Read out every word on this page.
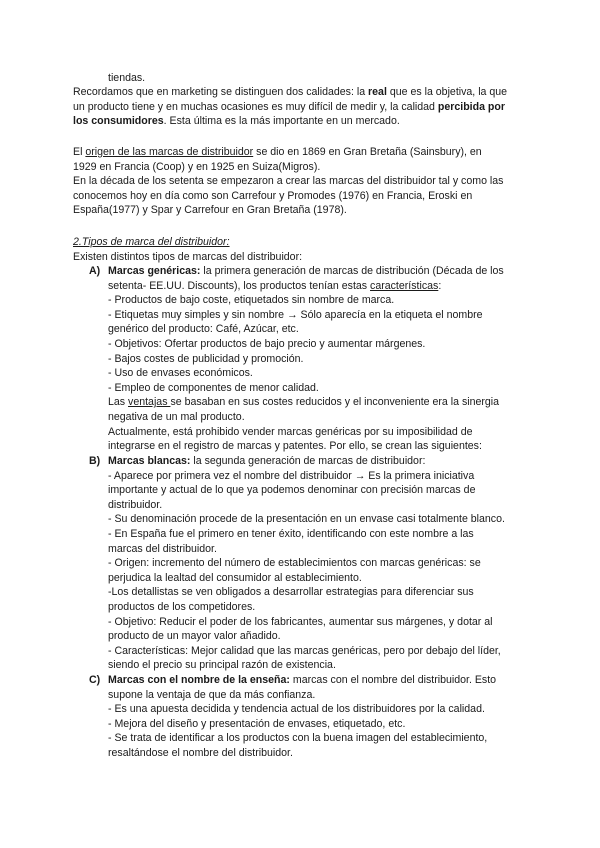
tiendas.

Recordamos que en marketing se distinguen dos calidades: la real que es la objetiva, la que
un producto tiene y en muchas ocasiones es muy difícil de medir y, la calidad percibida por
los consumidores. Esta última es la más importante en un mercado.

El origen de las marcas de distribuidor se dio en 1869 en Gran Bretaña (Sainsbury), en
1929 en Francia (Coop) y en 1925 en Suiza(Migros).
En la década de los setenta se empezaron a crear las marcas del distribuidor tal y como las
conocemos hoy en día como son Carrefour y Promodes (1976) en Francia, Eroski en
España(1977) y Spar y Carrefour en Gran Bretaña (1978).

2.Tipos de marca del distribuidor:

Existen distintos tipos de marcas del distribuidor:

A) Marcas genéricas: la primera generación de marcas de distribución (Década de los
setenta- EE.UU. Discounts), los productos tenían estas características:
- Productos de bajo coste, etiquetados sin nombre de marca.
- Etiquetas muy simples y sin nombre → Sólo aparecía en la etiqueta el nombre
genérico del producto: Café, Azúcar, etc.
- Objetivos: Ofertar productos de bajo precio y aumentar márgenes.
- Bajos costes de publicidad y promoción.
- Uso de envases económicos.
- Empleo de componentes de menor calidad.
Las ventajas se basaban en sus costes reducidos y el inconveniente era la sinergia
negativa de un mal producto.
Actualmente, está prohibido vender marcas genéricas por su imposibilidad de
integrarse en el registro de marcas y patentes. Por ello, se crean las siguientes:

B) Marcas blancas: la segunda generación de marcas de distribuidor:
- Aparece por primera vez el nombre del distribuidor → Es la primera iniciativa
importante y actual de lo que ya podemos denominar con precisión marcas de
distribuidor.
- Su denominación procede de la presentación en un envase casi totalmente blanco.
- En España fue el primero en tener éxito, identificando con este nombre a las
marcas del distribuidor.
- Origen: incremento del número de establecimientos con marcas genéricas: se
perjudica la lealtad del consumidor al establecimiento.
-Los detallistas se ven obligados a desarrollar estrategias para diferenciar sus
productos de los competidores.
- Objetivo: Reducir el poder de los fabricantes, aumentar sus márgenes, y dotar al
producto de un mayor valor añadido.
- Características: Mejor calidad que las marcas genéricas, pero por debajo del líder,
siendo el precio su principal razón de existencia.

C) Marcas con el nombre de la enseña: marcas con el nombre del distribuidor. Esto
supone la ventaja de que da más confianza.
- Es una apuesta decidida y tendencia actual de los distribuidores por la calidad.
- Mejora del diseño y presentación de envases, etiquetado, etc.
- Se trata de identificar a los productos con la buena imagen del establecimiento,
resaltándose el nombre del distribuidor.
